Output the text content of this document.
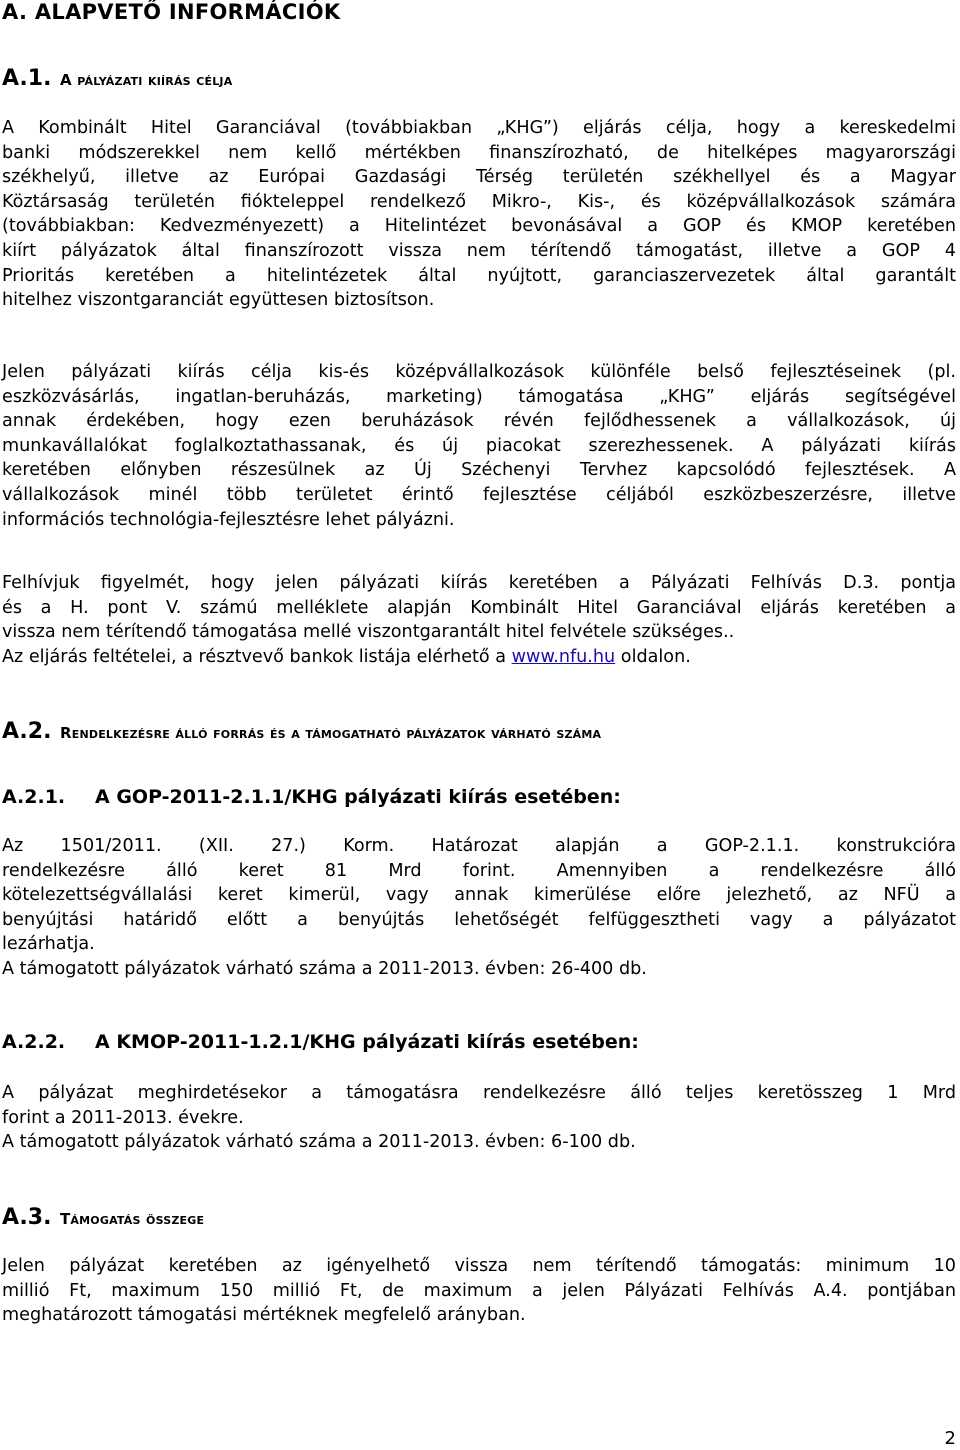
A. ALAPVETŐ INFORMÁCIÓK
A.1. A pályázati kiírás célja
A Kombinált Hitel Garanciával (továbbiakban „KHG”) eljárás célja, hogy a kereskedelmi
banki módszerekkel nem kellő mértékben finanszírozható, de hitelképes magyarországi
székhelyű, illetve az Európai Gazdasági Térség területén székhellyel és a Magyar
Köztársaság területén fiókteleppel rendelkező Mikro-, Kis-, és középvállalkozások számára
(továbbiakban: Kedvezményezett) a Hitelintézet bevonásával a GOP és KMOP keretében
kiírt pályázatok által finanszírozott vissza nem térítendő támogatást, illetve a GOP 4
Prioritás keretében a hitelintézetek által nyújtott, garanciaszervezetek által garantált
hitelhez viszontgaranciát együttesen biztosítson.
Jelen pályázati kiírás célja kis-és középvállalkozások különféle belső fejlesztéseinek (pl.
eszközvásárlás, ingatlan-beruházás, marketing) támogatása „KHG” eljárás segítségével
annak érdekében, hogy ezen beruházások révén fejlődhessenek a vállalkozások, új
munkavállalókat foglalkoztathassanak, és új piacokat szerezhessenek. A pályázati kiírás
keretében előnyben részesülnek az Új Széchenyi Tervhez kapcsolódó fejlesztések. A
vállalkozások minél több területet érintő fejlesztése céljából eszközbeszerzésre, illetve
információs technológia-fejlesztésre lehet pályázni.
Felhívjuk figyelmét, hogy jelen pályázati kiírás keretében a Pályázati Felhívás D.3. pontja
és a H. pont V. számú melléklete alapján Kombinált Hitel Garanciával eljárás keretében a
vissza nem térítendő támogatása mellé viszontgarantált hitel felvétele szükséges..
Az eljárás feltételei, a résztvevő bankok listája elérhető a www.nfu.hu oldalon.
A.2. Rendelkezésre álló forrás és a támogatható pályázatok várható száma
A.2.1. A GOP-2011-2.1.1/KHG pályázati kiírás esetében:
Az 1501/2011. (XII. 27.) Korm. Határozat alapján a GOP-2.1.1. konstrukcióra
rendelkezésre álló keret 81 Mrd forint. Amennyiben a rendelkezésre álló
kötelezettségvállalási keret kimerül, vagy annak kimerülése előre jelezhető, az NFÜ a
benyújtási határidő előtt a benyújtás lehetőségét felfüggesztheti vagy a pályázatot
lezárhatja.
A támogatott pályázatok várható száma a 2011-2013. évben: 26-400 db.
A.2.2. A KMOP-2011-1.2.1/KHG pályázati kiírás esetében:
A pályázat meghirdetésekor a támogatásra rendelkezésre álló teljes keretösszeg 1 Mrd
forint a 2011-2013. évekre.
A támogatott pályázatok várható száma a 2011-2013. évben: 6-100 db.
A.3. Támogatás összege
Jelen pályázat keretében az igényelhető vissza nem térítendő támogatás: minimum 10
millió Ft, maximum 150 millió Ft, de maximum a jelen Pályázati Felhívás A.4. pontjában
meghatározott támogatási mértéknek megfelelő arányban.
2
